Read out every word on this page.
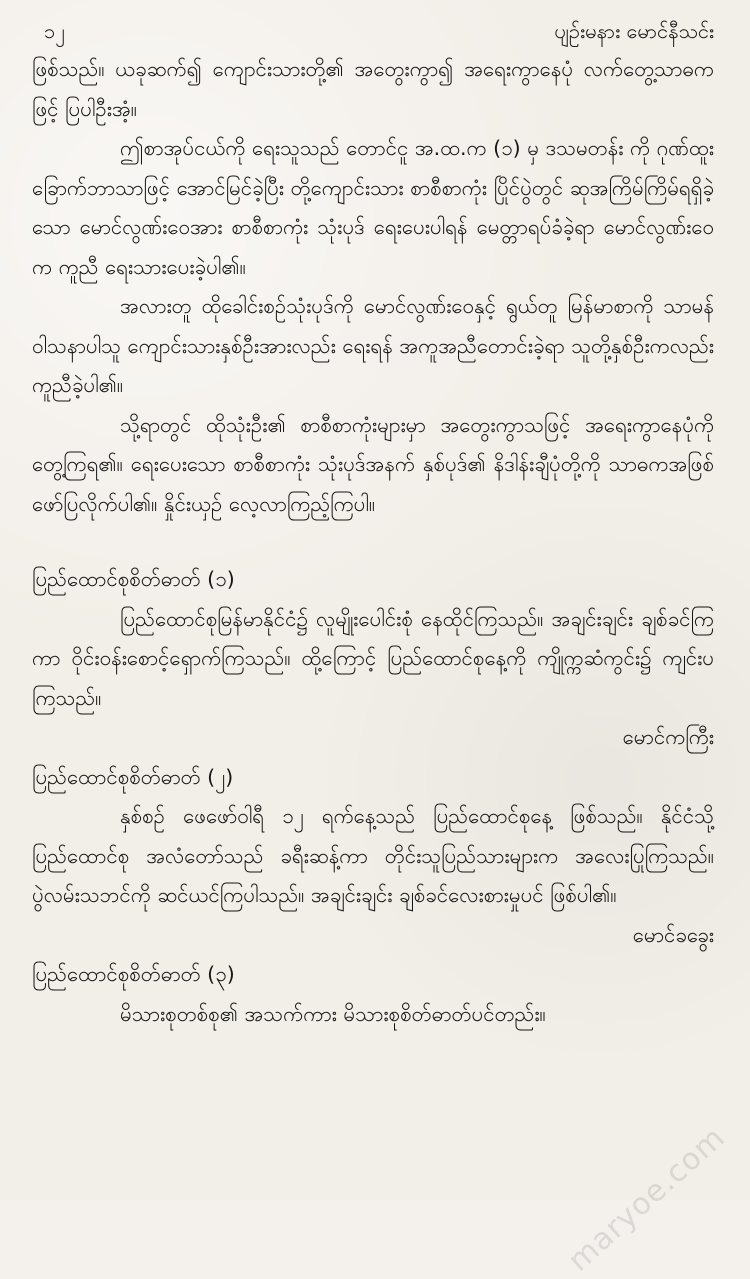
၁၂	ပျဉ်းမနား မောင်နီသင်း

ဖြစ်သည်။ ယခုဆက်၍ ကျောင်းသားတို့၏ အတွေးကွာ၍ အရေးကွာနေပုံ လက်တွေ့သာဓကဖြင့် ပြပါဦးအံ့။

ဤစာအုပ်ငယ်ကို ရေးသူသည် တောင်ငူ အ.ထ.က (၁) မှ ဒသမတန်း ကို ဂုဏ်ထူးခြောက်ဘာသာဖြင့် အောင်မြင်ခဲ့ပြီး တို့ကျောင်းသား စာစီစာကုံး ပြိုင်ပွဲတွင် ဆုအကြိမ်ကြိမ်ရရှိခဲ့သော မောင်လွဏ်းဝေအား စာစီစာကုံး သုံးပုဒ် ရေးပေးပါရန် မေတ္တာရပ်ခံခဲ့ရာ မောင်လွဏ်းဝေက ကူညီ ရေးသားပေးခဲ့ပါ၏။

အလားတူ ထိုခေါင်းစဉ်သုံးပုဒ်ကို မောင်လွဏ်းဝေနှင့် ရွယ်တူ မြန်မာစာကို သာမန်ဝါသနာပါသူ ကျောင်းသားနှစ်ဦးအားလည်း ရေးရန် အကူအညီတောင်းခဲ့ရာ သူတို့နှစ်ဦးကလည်း ကူညီခဲ့ပါ၏။

သို့ရာတွင် ထိုသုံးဦး၏ စာစီစာကုံးများမှာ အတွေးကွာသဖြင့် အရေးကွာနေပုံကို တွေ့ကြရ၏။ ရေးပေးသော စာစီစာကုံး သုံးပုဒ်အနက် နှစ်ပုဒ်၏ နိဒါန်းချီပုံတို့ကို သာဓကအဖြစ် ဖော်ပြလိုက်ပါ၏။ နှိုင်းယှဉ် လေ့လာကြည့်ကြပါ။

ပြည်ထောင်စုစိတ်ဓာတ် (၁)

ပြည်ထောင်စုမြန်မာနိုင်ငံ၌ လူမျိုးပေါင်းစုံ နေထိုင်ကြသည်။ အချင်းချင်း ချစ်ခင်ကြကာ ဝိုင်းဝန်းစောင့်ရှောက်ကြသည်။ ထို့ကြောင့် ပြည်ထောင်စုနေ့ကို ကျိုက္ကဆံကွင်း၌ ကျင်းပကြသည်။

မောင်ကကြီး

ပြည်ထောင်စုစိတ်ဓာတ် (၂)

နှစ်စဉ် ဖေဖော်ဝါရီ ၁၂ ရက်နေ့သည် ပြည်ထောင်စုနေ့ ဖြစ်သည်။ နိုင်ငံသို့ ပြည်ထောင်စု အလံတော်သည် ခရီးဆန့်ကာ တိုင်းသူပြည်သားများက အလေးပြုကြသည်။ ပွဲလမ်းသဘင်ကို ဆင်ယင်ကြပါသည်။ အချင်းချင်း ချစ်ခင်လေးစားမှုပင် ဖြစ်ပါ၏။

မောင်ခခွေး

ပြည်ထောင်စုစိတ်ဓာတ် (၃)

မိသားစုတစ်စု၏ အသက်ကား မိသားစုစိတ်ဓာတ်ပင်တည်း။

maryoe.com
